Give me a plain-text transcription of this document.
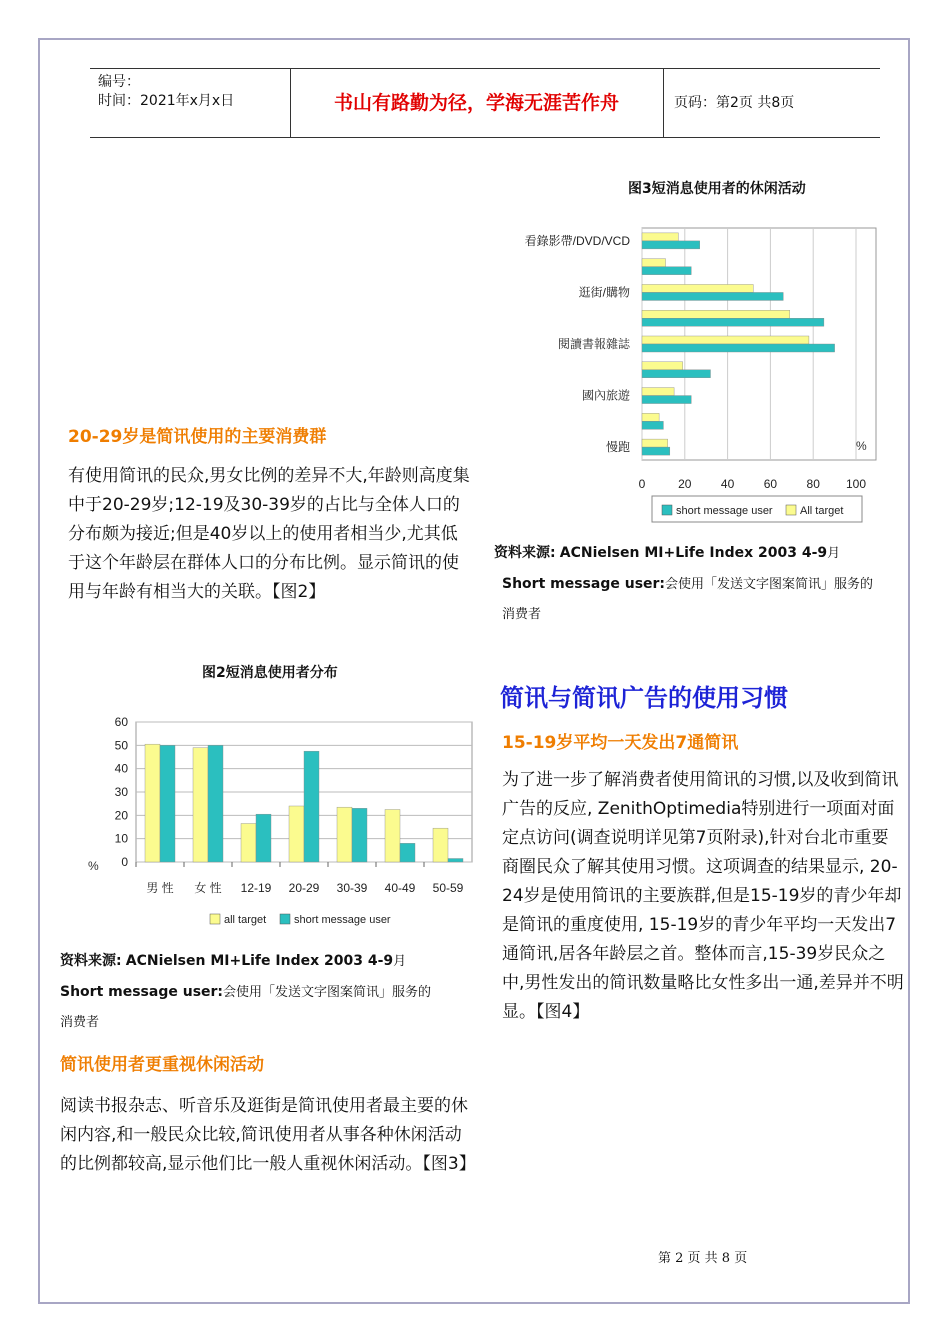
编号：
时间：2021年x月x日	书山有路勤为径，学海无涯苦作舟	页码：第2页 共8页
图3短消息使用者的休闲活动
看錄影帶/DVD/VCD
逛街/購物
閱讀書報雜誌
國內旅遊
慢跑
0	20 40 60 80 100
%
short message user All target
资料来源: ACNielsen MI+Life Index 2003 4-9月
Short message user:会使用「发送文字图案简讯」服务的
消费者
20-29岁是简讯使用的主要消费群
有使用简讯的民众,男女比例的差异不大,年龄则高度集中于20-29岁;12-19及30-39岁的占比与全体人口的分布颇为接近;但是40岁以上的使用者相当少,尤其低于这个年龄层在群体人口的分布比例。显示简讯的使用与年龄有相当大的关联。【图2】
图2短消息使用者分布
0
10
20
30
40
50
60
男 性 女 性 12-19 20-29 30-39 40-49 50-59
%
all target	short message user
资料来源: ACNielsen MI+Life Index 2003 4-9月
Short message user:会使用「发送文字图案简讯」服务的
消费者
简讯使用者更重视休闲活动
阅读书报杂志、听音乐及逛街是简讯使用者最主要的休闲内容,和一般民众比较,简讯使用者从事各种休闲活动的比例都较高,显示他们比一般人重视休闲活动。【图3】
简讯与简讯广告的使用习惯
15-19岁平均一天发出7通简讯
为了进一步了解消费者使用简讯的习惯,以及收到简讯广告的反应, ZenithOptimedia特别进行一项面对面定点访问(调查说明详见第7页附录),针对台北市重要商圈民众了解其使用习惯。这项调查的结果显示, 20-24岁是使用简讯的主要族群,但是15-19岁的青少年却是简讯的重度使用, 15-19岁的青少年平均一天发出7通简讯,居各年龄层之首。整体而言,15-39岁民众之中,男性发出的简讯数量略比女性多出一通,差异并不明显。【图4】
第 2 页 共 8 页
